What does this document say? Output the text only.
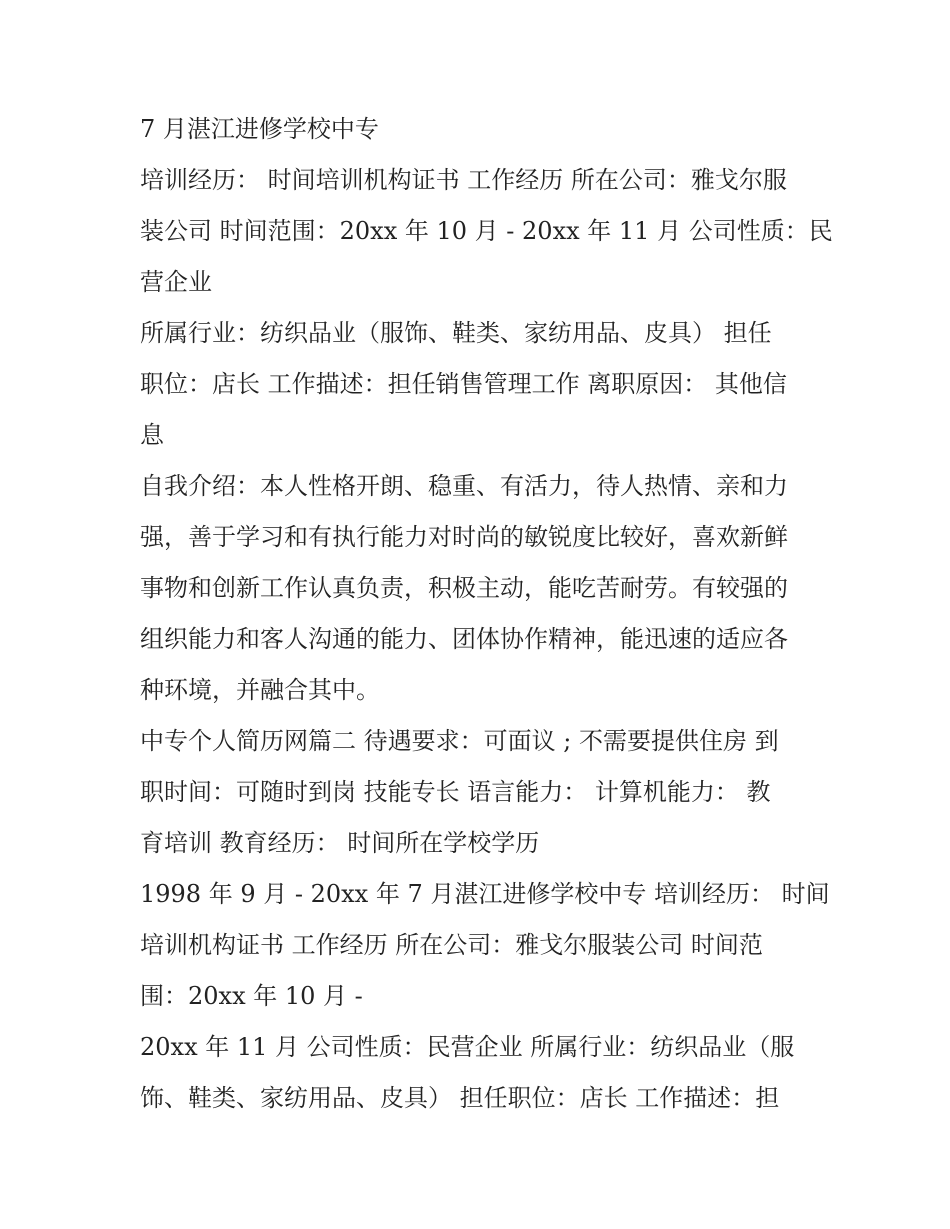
7 月湛江进修学校中专
培训经历： 时间培训机构证书 工作经历 所在公司：雅戈尔服
装公司 时间范围：20xx 年 10 月 - 20xx 年 11 月 公司性质：民
营企业
所属行业：纺织品业（服饰、鞋类、家纺用品、皮具） 担任
职位：店长 工作描述：担任销售管理工作 离职原因： 其他信
息
自我介绍：本人性格开朗、稳重、有活力，待人热情、亲和力
强，善于学习和有执行能力对时尚的敏锐度比较好，喜欢新鲜
事物和创新工作认真负责，积极主动，能吃苦耐劳。有较强的
组织能力和客人沟通的能力、团体协作精神，能迅速的适应各
种环境，并融合其中。
中专个人简历网篇二 待遇要求：可面议 ; 不需要提供住房 到
职时间：可随时到岗 技能专长 语言能力： 计算机能力： 教
育培训 教育经历： 时间所在学校学历
1998 年 9 月 - 20xx 年 7 月湛江进修学校中专 培训经历： 时间
培训机构证书 工作经历 所在公司：雅戈尔服装公司 时间范
围：20xx 年 10 月 -
20xx 年 11 月 公司性质：民营企业 所属行业：纺织品业（服
饰、鞋类、家纺用品、皮具） 担任职位：店长 工作描述：担
